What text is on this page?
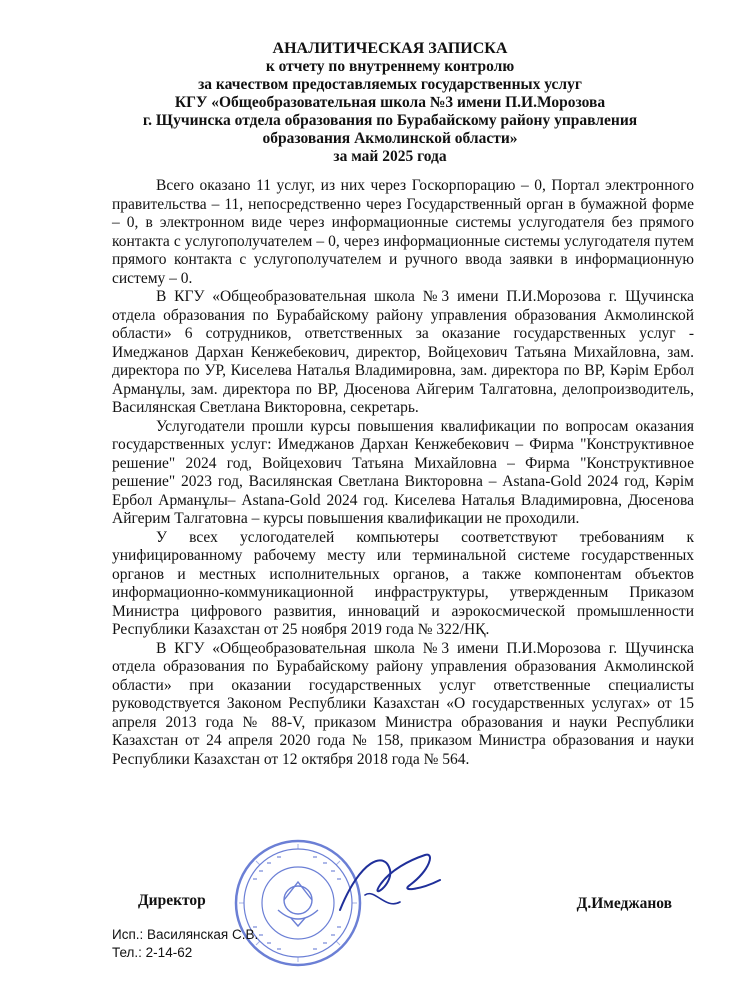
АНАЛИТИЧЕСКАЯ ЗАПИСКА
к отчету по внутреннему контролю
за качеством предоставляемых государственных услуг
КГУ «Общеобразовательная школа №3 имени П.И.Морозова
г. Щучинска отдела образования по Бурабайскому району управления
образования Акмолинской области»
за май 2025 года

Всего оказано 11 услуг, из них через Госкорпорацию – 0, Портал электронного правительства – 11, непосредственно через Государственный орган в бумажной форме – 0, в электронном виде через информационные системы услугодателя без прямого контакта с услугополучателем – 0, через информационные системы услугодателя путем прямого контакта с услугополучателем и ручного ввода заявки в информационную систему – 0.

В КГУ «Общеобразовательная школа №3 имени П.И.Морозова г. Щучинска отдела образования по Бурабайскому району управления образования Акмолинской области» 6 сотрудников, ответственных за оказание государственных услуг - Имеджанов Дархан Кенжебекович, директор, Войцехович Татьяна Михайловна, зам. директора по УР, Киселева Наталья Владимировна, зам. директора по ВР, Кәрім Ербол Арманұлы, зам. директора по ВР, Дюсенова Айгерим Талгатовна, делопроизводитель, Василянская Светлана Викторовна, секретарь.

Услугодатели прошли курсы повышения квалификации по вопросам оказания государственных услуг: Имеджанов Дархан Кенжебекович – Фирма "Конструктивное решение" 2024 год, Войцехович Татьяна Михайловна – Фирма "Конструктивное решение" 2023 год, Василянская Светлана Викторовна – Astana-Gold 2024 год, Кәрім Ербол Арманұлы– Astana-Gold 2024 год. Киселева Наталья Владимировна, Дюсенова Айгерим Талгатовна – курсы повышения квалификации не проходили.

У всех услогодателей компьютеры соответствуют требованиям к унифицированному рабочему месту или терминальной системе государственных органов и местных исполнительных органов, а также компонентам объектов информационно-коммуникационной инфраструктуры, утвержденным Приказом Министра цифрового развития, инноваций и аэрокосмической промышленности Республики Казахстан от 25 ноября 2019 года № 322/НҚ.

В КГУ «Общеобразовательная школа №3 имени П.И.Морозова г. Щучинска отдела образования по Бурабайскому району управления образования Акмолинской области» при оказании государственных услуг ответственные специалисты руководствуется Законом Республики Казахстан «О государственных услугах» от 15 апреля 2013 года № 88-V, приказом Министра образования и науки Республики Казахстан от 24 апреля 2020 года № 158, приказом Министра образования и науки Республики Казахстан от 12 октября 2018 года № 564.

Директор	Д.Имеджанов
Исп.: Василянская С.В.
Тел.: 2-14-62
